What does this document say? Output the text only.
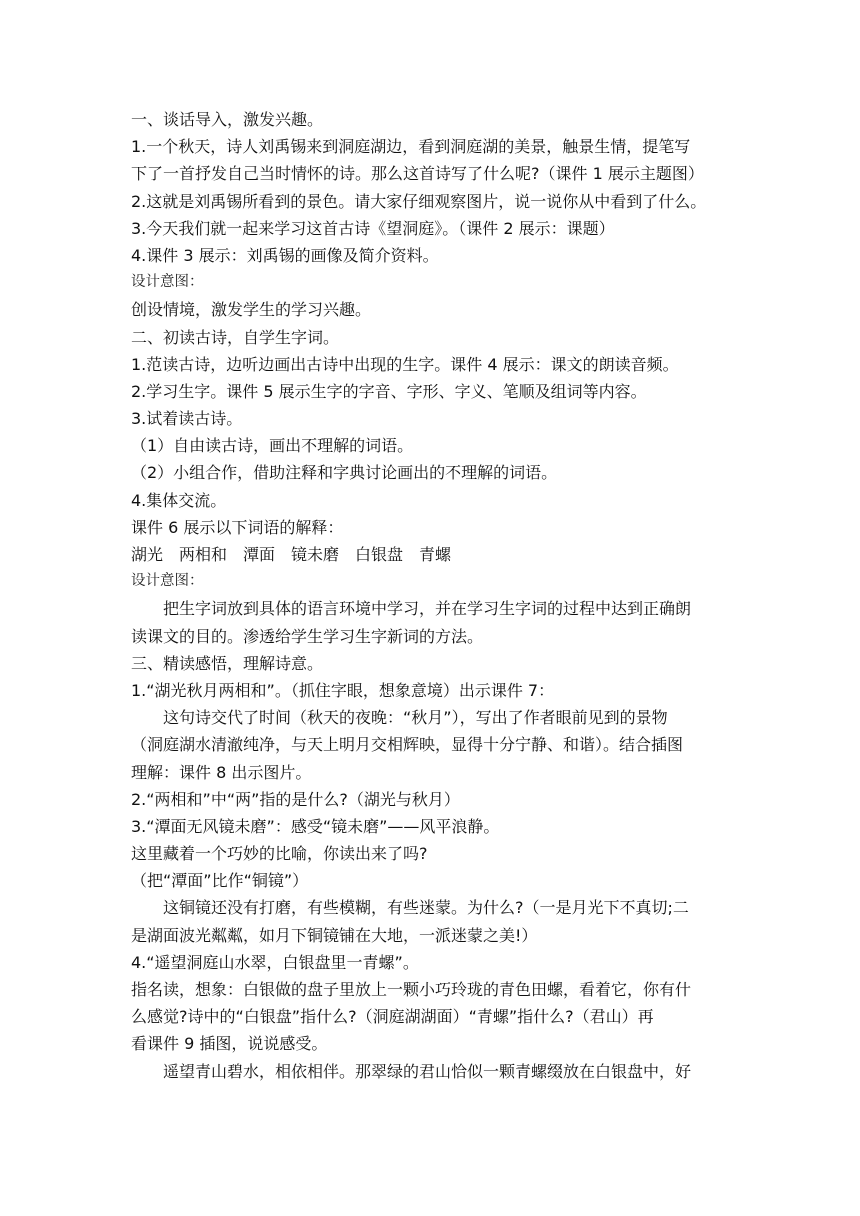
一、谈话导入，激发兴趣。
1.一个秋天，诗人刘禹锡来到洞庭湖边，看到洞庭湖的美景，触景生情，提笔写
下了一首抒发自己当时情怀的诗。那么这首诗写了什么呢?（课件 1 展示主题图）
2.这就是刘禹锡所看到的景色。请大家仔细观察图片，说一说你从中看到了什么。
3.今天我们就一起来学习这首古诗《望洞庭》。（课件 2 展示：课题）
4.课件 3 展示：刘禹锡的画像及简介资料。
设计意图：
创设情境，激发学生的学习兴趣。
二、初读古诗，自学生字词。
1.范读古诗，边听边画出古诗中出现的生字。课件 4 展示：课文的朗读音频。
2.学习生字。课件 5 展示生字的字音、字形、字义、笔顺及组词等内容。
3.试着读古诗。
（1）自由读古诗，画出不理解的词语。
（2）小组合作，借助注释和字典讨论画出的不理解的词语。
4.集体交流。
课件 6 展示以下词语的解释：
湖光　两相和　潭面　镜未磨　白银盘　青螺
设计意图：
把生字词放到具体的语言环境中学习，并在学习生字词的过程中达到正确朗
读课文的目的。渗透给学生学习生字新词的方法。
三、精读感悟，理解诗意。
1.“湖光秋月两相和”。（抓住字眼，想象意境）出示课件 7：
这句诗交代了时间（秋天的夜晚：“秋月”），写出了作者眼前见到的景物
（洞庭湖水清澈纯净，与天上明月交相辉映，显得十分宁静、和谐）。结合插图
理解：课件 8 出示图片。
2.“两相和”中“两”指的是什么?（湖光与秋月）
3.“潭面无风镜未磨”：感受“镜未磨”——风平浪静。
这里藏着一个巧妙的比喻，你读出来了吗?
（把“潭面”比作“铜镜”）
这铜镜还没有打磨，有些模糊，有些迷蒙。为什么?（一是月光下不真切;二
是湖面波光粼粼，如月下铜镜铺在大地，一派迷蒙之美!）
4.“遥望洞庭山水翠，白银盘里一青螺”。
指名读，想象：白银做的盘子里放上一颗小巧玲珑的青色田螺，看着它，你有什
么感觉?诗中的“白银盘”指什么?（洞庭湖湖面）“青螺”指什么?（君山）再
看课件 9 插图，说说感受。
遥望青山碧水，相依相伴。那翠绿的君山恰似一颗青螺缀放在白银盘中，好
